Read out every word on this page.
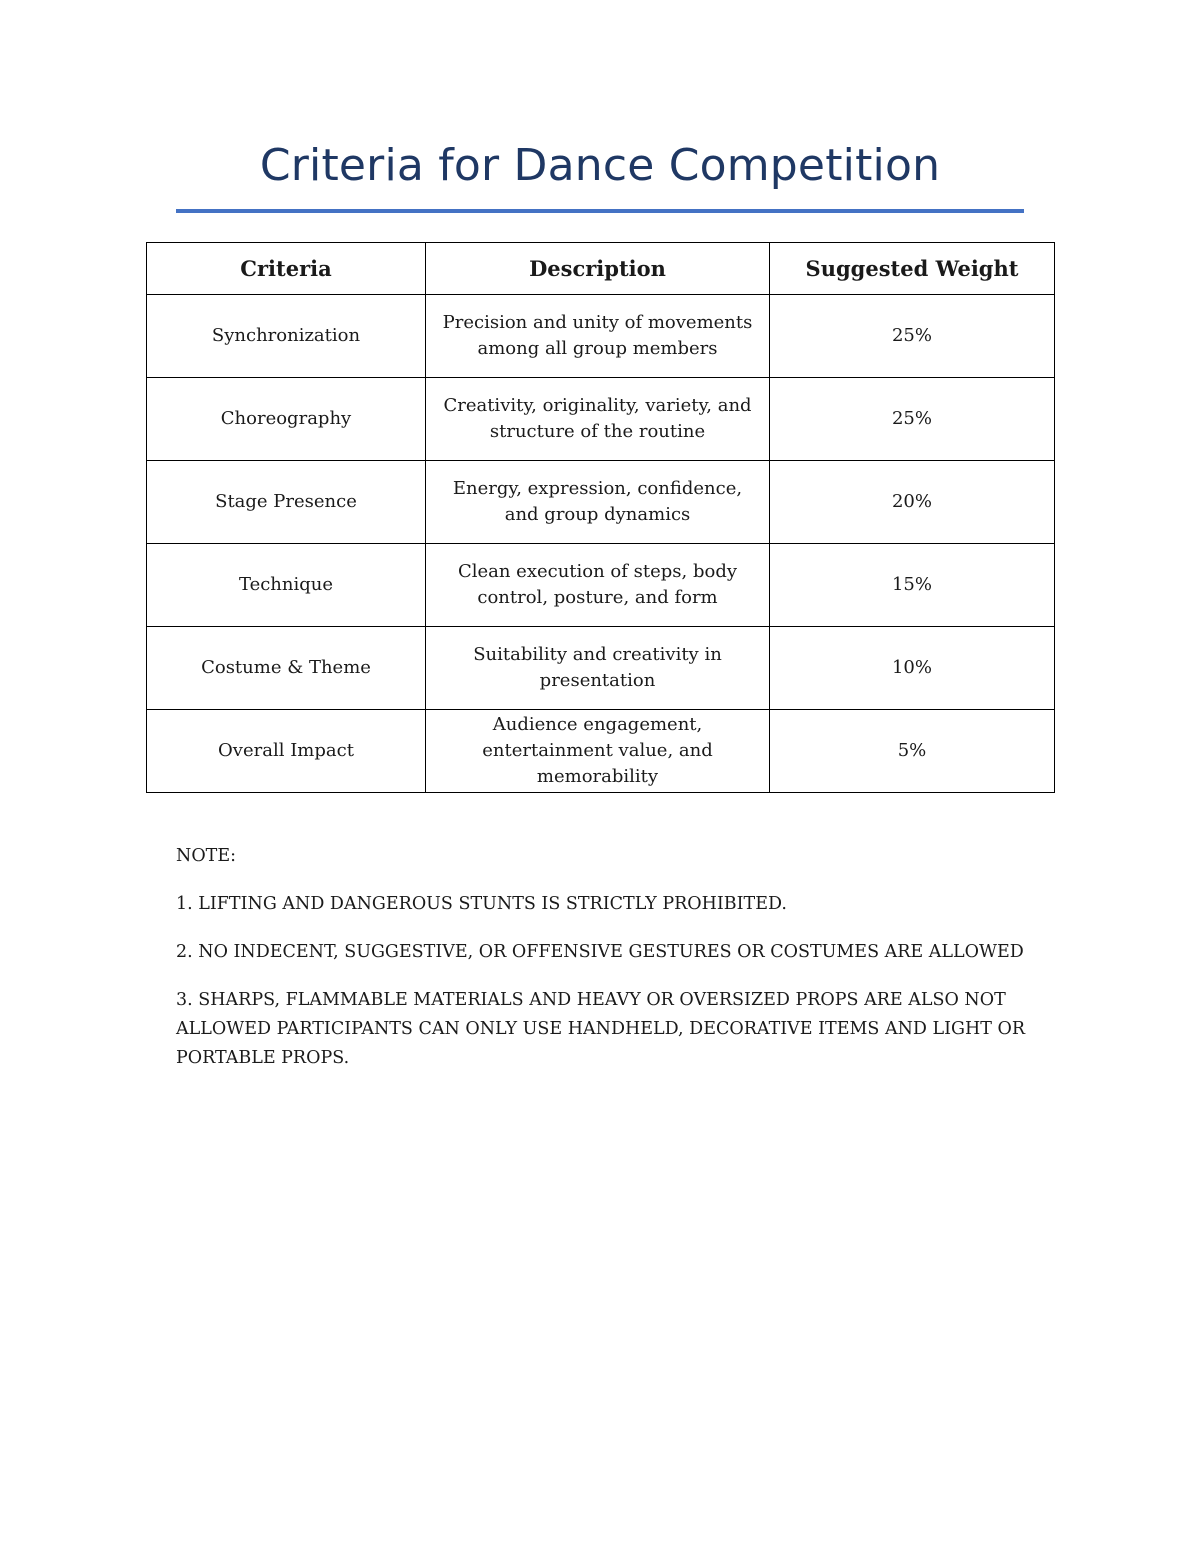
Criteria for Dance Competition
Criteria	Description	Suggested Weight
Synchronization	Precision and unity of movements among all group members	25%
Choreography	Creativity, originality, variety, and structure of the routine	25%
Stage Presence	Energy, expression, confidence, and group dynamics	20%
Technique	Clean execution of steps, body control, posture, and form	15%
Costume & Theme	Suitability and creativity in presentation	10%
Overall Impact	Audience engagement, entertainment value, and memorability	5%

NOTE:

1. LIFTING AND DANGEROUS STUNTS IS STRICTLY PROHIBITED.

2. NO INDECENT, SUGGESTIVE, OR OFFENSIVE GESTURES OR COSTUMES ARE ALLOWED

3. SHARPS, FLAMMABLE MATERIALS AND HEAVY OR OVERSIZED PROPS ARE ALSO NOT ALLOWED PARTICIPANTS CAN ONLY USE HANDHELD, DECORATIVE ITEMS AND LIGHT OR PORTABLE PROPS.
